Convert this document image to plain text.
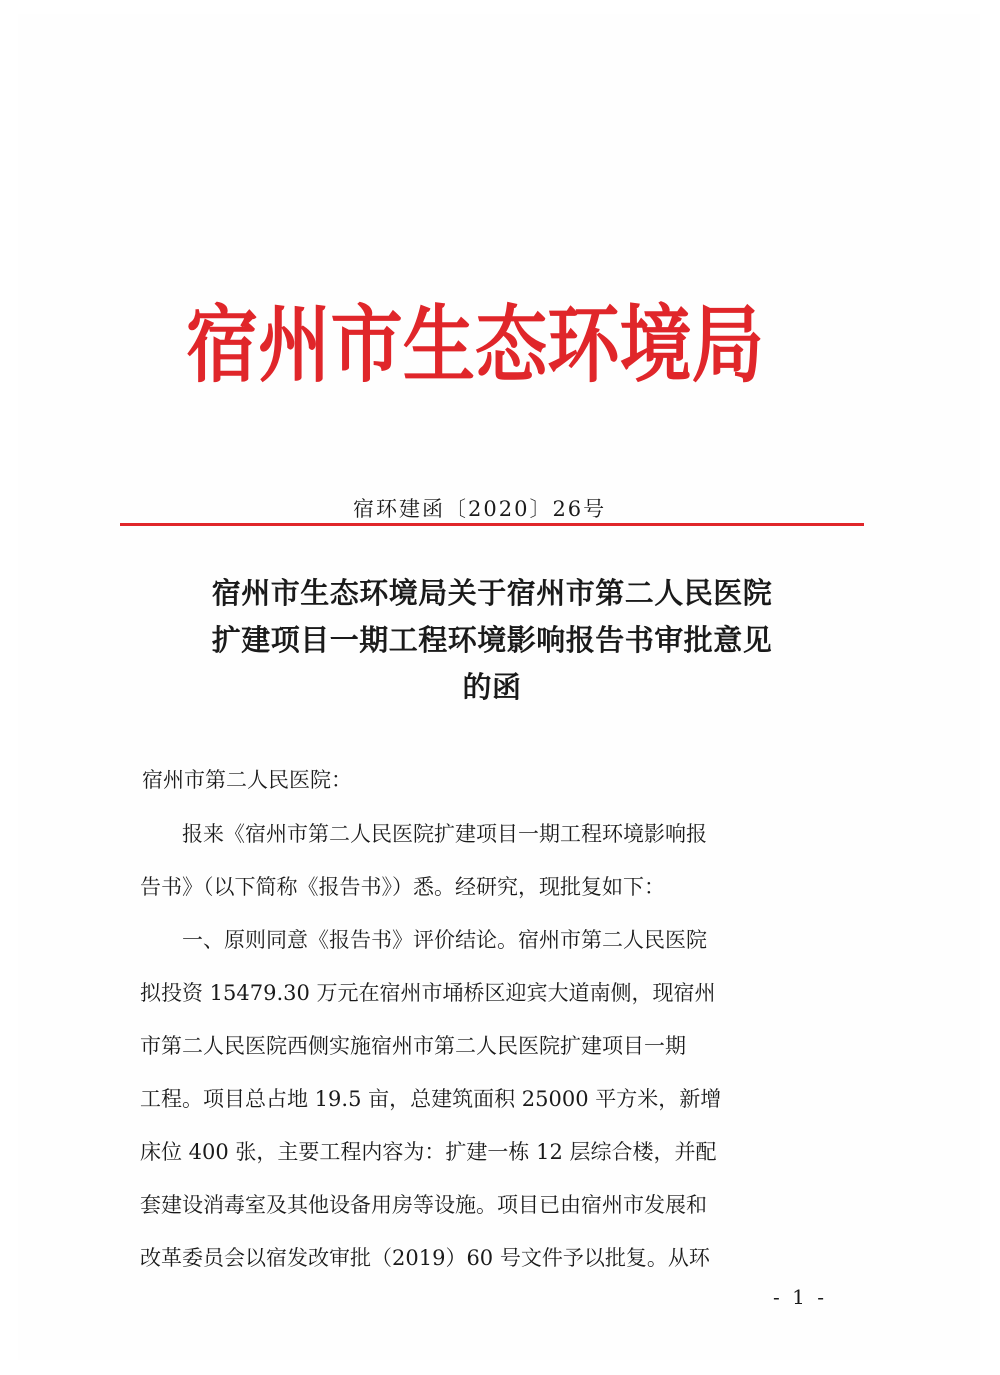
宿州市生态环境局
宿环建函〔2020〕26号
宿州市生态环境局关于宿州市第二人民医院
扩建项目一期工程环境影响报告书审批意见
的函
宿州市第二人民医院：
　　报来《宿州市第二人民医院扩建项目一期工程环境影响报
告书》（以下简称《报告书》）悉。经研究，现批复如下：
　　一、原则同意《报告书》评价结论。宿州市第二人民医院
拟投资 15479.30 万元在宿州市埇桥区迎宾大道南侧，现宿州
市第二人民医院西侧实施宿州市第二人民医院扩建项目一期
工程。项目总占地 19.5 亩，总建筑面积 25000 平方米，新增
床位 400 张，主要工程内容为：扩建一栋 12 层综合楼，并配
套建设消毒室及其他设备用房等设施。项目已由宿州市发展和
改革委员会以宿发改审批（2019）60 号文件予以批复。从环
- 1 -
